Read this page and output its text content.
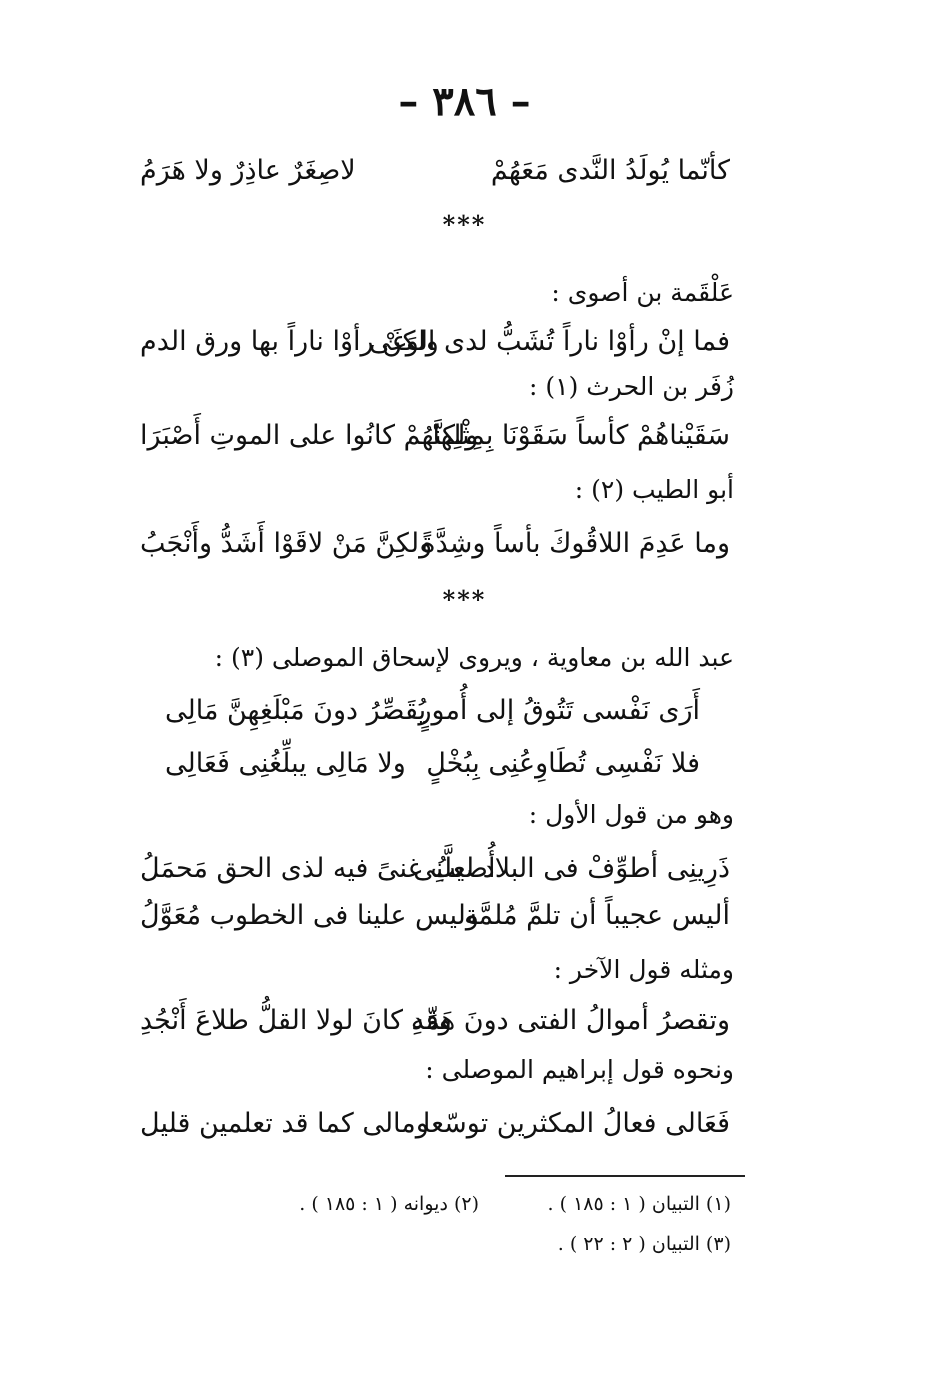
– ٣٨٦ –
كأنّما يُولَدُ النَّدى مَعَهُمْ
لاصِغَرٌ عاذِرٌ ولا هَرَمُ
***
عَلْقَمة بن أصوى :
فما إنْ رأوْا ناراً تُشَبُّ لدى الوَغَى
ولكنْ رأوْا ناراً بها ورق الدم
زُفَر بن الحرث (١) :
سَقَيْناهُمْ كأساً سَقَوْنَا بِمِثْلِها
ولكنَّهُمْ كانُوا على الموتِ أَصْبَرَا
أبو الطيب (٢) :
وما عَدِمَ اللاقُوكَ بأساً وشِدَّةً
ولكِنَّ مَنْ لاقَوْا أَشَدُّ وأَنْجَبُ
***
عبد الله بن معاوية ، ويروى لإسحاق الموصلى (٣) :
أَرَى نَفْسى تَتُوقُ إلى أُمورٍ
يُقَصِّرُ دونَ مَبْلَغِهِنَّ مَالِى
فلا نَفْسِى تُطَاوِعُنِى بِبُخْلٍ
ولا مَالِى يبلِّغُنِى فَعَالِى
وهو من قول الأول :
ذَرِينِى أطوِّفْ فى البلاد لعلَّنِى
أُصيبُ غنىً فيه لذى الحق مَحمَلُ
أليس عجيباً أن تلمَّ مُلمَّة
وليس علينا فى الخطوب مُعَوَّلُ
ومثله قول الآخر :
وتقصرُ أموالُ الفتى دونَ هَمِّهِ
وقد كانَ لولا القلُّ طلاعَ أَنْجُدِ
ونحوه قول إبراهيم الموصلى :
فَعَالى فعالُ المكثرين توسّعا
ومالى كما قد تعلمين قليل
(١) التبيان ( ١ : ١٨٥ ) .
(٢) ديوانه ( ١ : ١٨٥ ) .
(٣) التبيان ( ٢ : ٢٢ ) .
